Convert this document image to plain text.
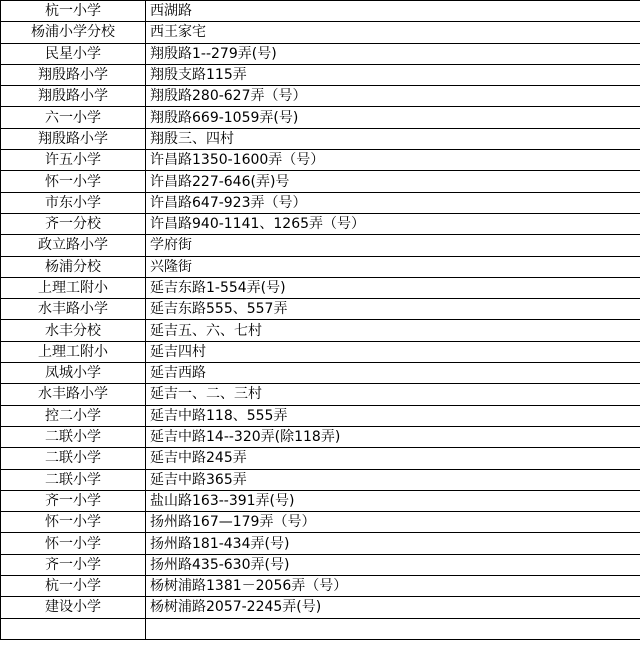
杭一小学	西湖路
杨浦小学分校	西王家宅
民星小学	翔殷路1--279弄(号)
翔殷路小学	翔殷支路115弄
翔殷路小学	翔殷路280-627弄（号）
六一小学	翔殷路669-1059弄(号)
翔殷路小学	翔殷三、四村
许五小学	许昌路1350-1600弄（号）
怀一小学	许昌路227-646(弄)号
市东小学	许昌路647-923弄（号）
齐一分校	许昌路940-1141、1265弄（号）
政立路小学	学府街
杨浦分校	兴隆街
上理工附小	延吉东路1-554弄(号)
水丰路小学	延吉东路555、557弄
水丰分校	延吉五、六、七村
上理工附小	延吉四村
凤城小学	延吉西路
水丰路小学	延吉一、二、三村
控二小学	延吉中路118、555弄
二联小学	延吉中路14--320弄(除118弄)
二联小学	延吉中路245弄
二联小学	延吉中路365弄
齐一小学	盐山路163--391弄(号)
怀一小学	扬州路167—179弄（号）
怀一小学	扬州路181-434弄(号)
齐一小学	扬州路435-630弄(号)
杭一小学	杨树浦路1381－2056弄（号）
建设小学	杨树浦路2057-2245弄(号)
